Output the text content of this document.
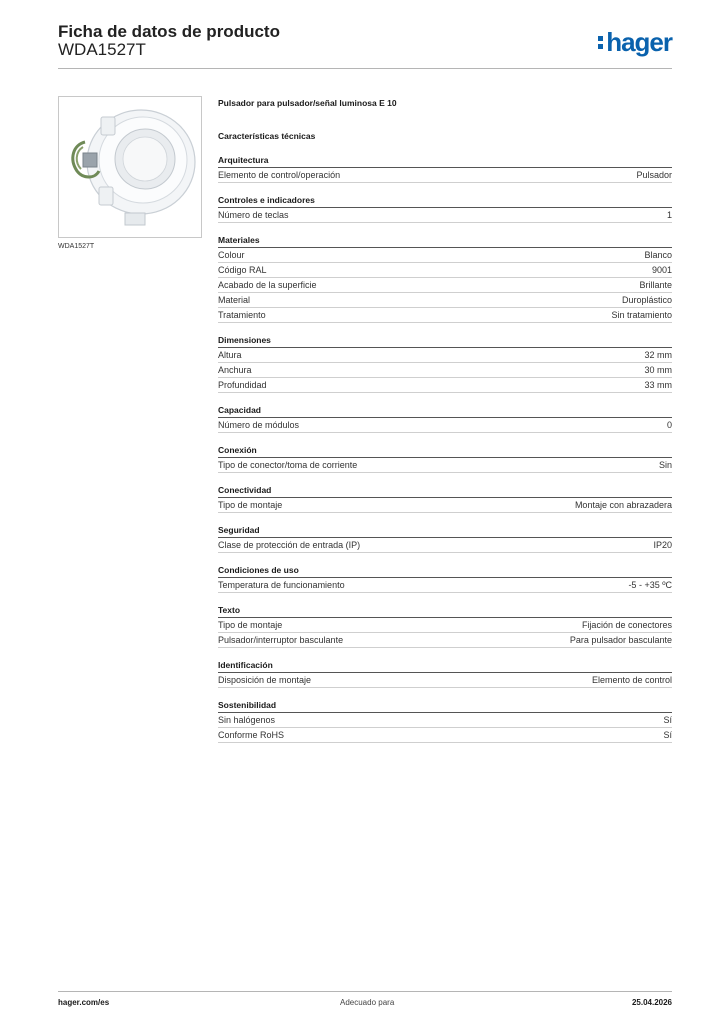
Ficha de datos de producto
WDA1527T	hager
WDA1527T
Pulsador para pulsador/señal luminosa E 10
Características técnicas
Arquitectura
Elemento de control/operación	Pulsador
Controles e indicadores
Número de teclas	1
Materiales
Colour	Blanco
Código RAL	9001
Acabado de la superficie	Brillante
Material	Duroplástico
Tratamiento	Sin tratamiento
Dimensiones
Altura	32 mm
Anchura	30 mm
Profundidad	33 mm
Capacidad
Número de módulos	0
Conexión
Tipo de conector/toma de corriente	Sin
Conectividad
Tipo de montaje	Montaje con abrazadera
Seguridad
Clase de protección de entrada (IP)	IP20
Condiciones de uso
Temperatura de funcionamiento	-5 - +35 ºC
Texto
Tipo de montaje	Fijación de conectores
Pulsador/interruptor basculante	Para pulsador basculante
Identificación
Disposición de montaje	Elemento de control
Sostenibilidad
Sin halógenos	Sí
Conforme RoHS	Sí
hager.com/es	Adecuado para	25.04.2026
